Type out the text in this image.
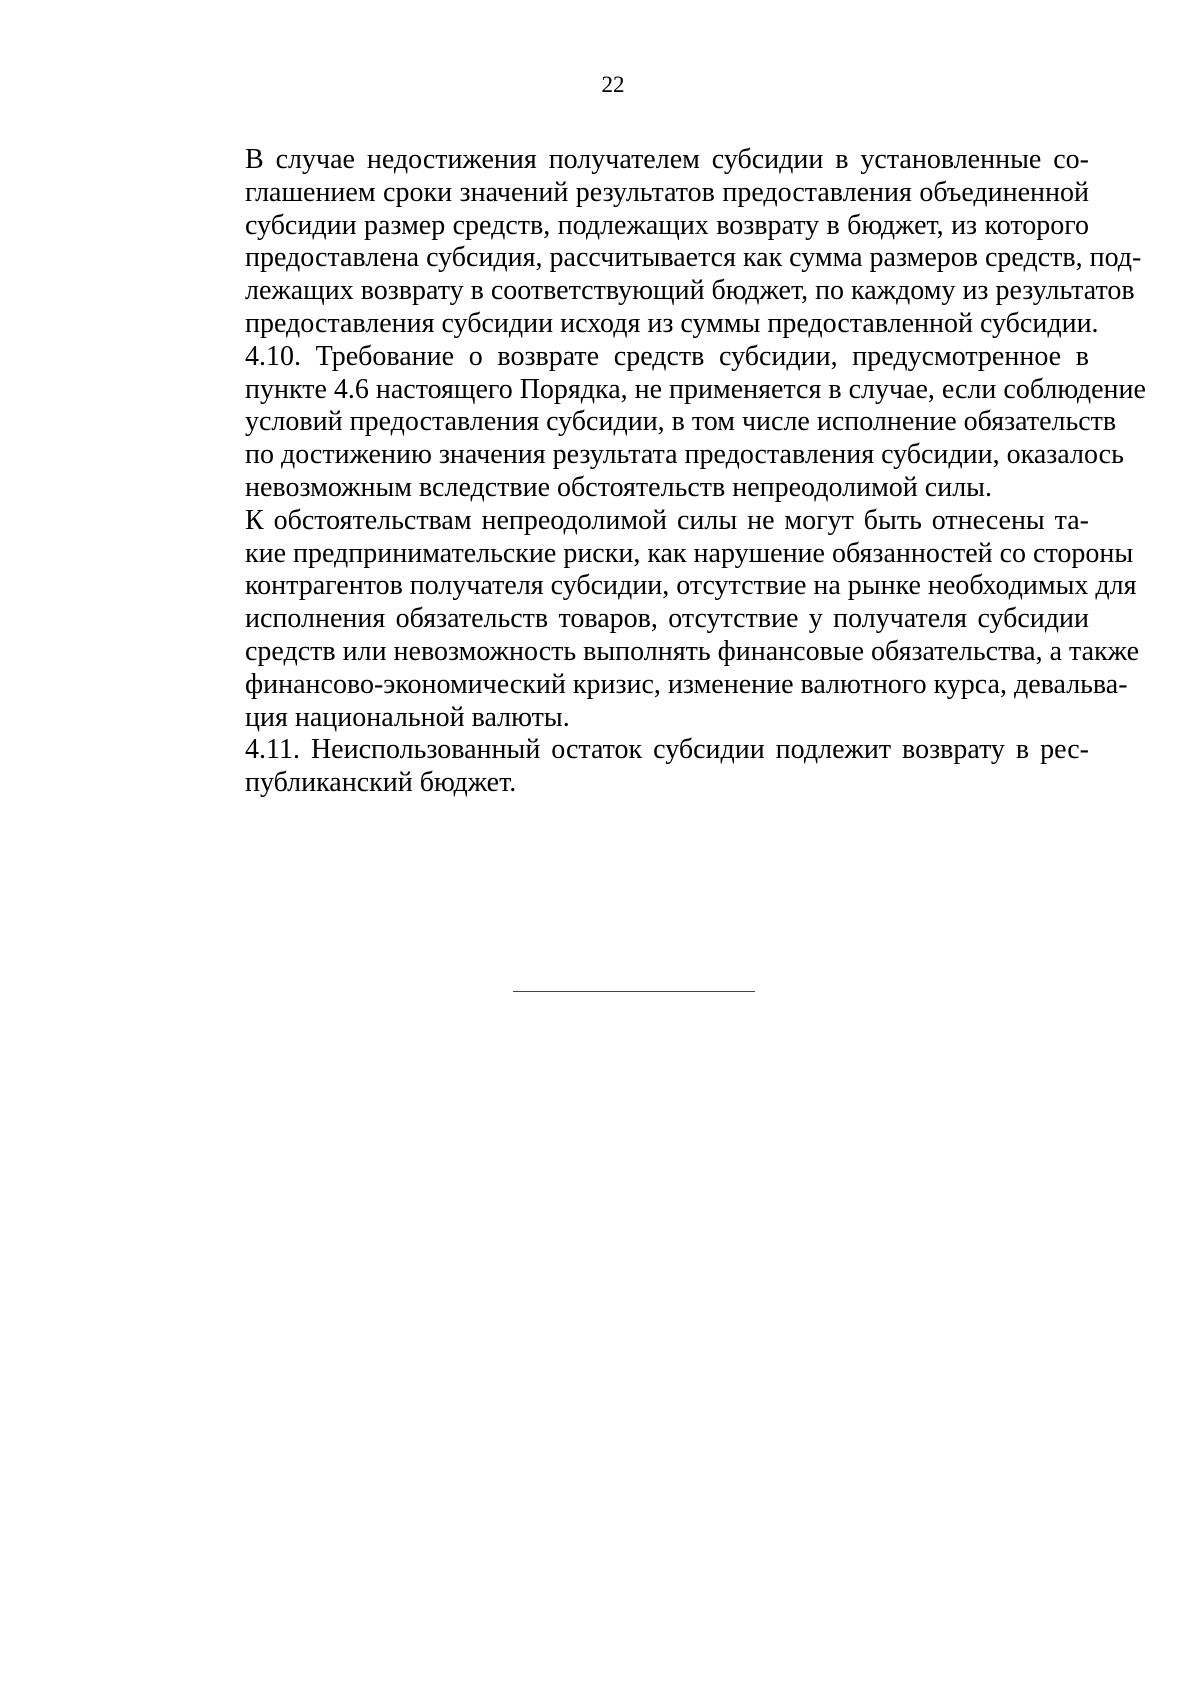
22

В случае недостижения получателем субсидии в установленные со-
глашением сроки значений результатов предоставления объединенной
субсидии размер средств, подлежащих возврату в бюджет, из которого
предоставлена субсидия, рассчитывается как сумма размеров средств, под-
лежащих возврату в соответствующий бюджет, по каждому из результатов
предоставления субсидии исходя из суммы предоставленной субсидии.

4.10. Требование о возврате средств субсидии, предусмотренное в
пункте 4.6 настоящего Порядка, не применяется в случае, если соблюдение
условий предоставления субсидии, в том числе исполнение обязательств
по достижению значения результата предоставления субсидии, оказалось
невозможным вследствие обстоятельств непреодолимой силы.

К обстоятельствам непреодолимой силы не могут быть отнесены та-
кие предпринимательские риски, как нарушение обязанностей со стороны
контрагентов получателя субсидии, отсутствие на рынке необходимых для
исполнения обязательств товаров, отсутствие у получателя субсидии
средств или невозможность выполнять финансовые обязательства, а также
финансово-экономический кризис, изменение валютного курса, девальва-
ция национальной валюты.

4.11. Неиспользованный остаток субсидии подлежит возврату в рес-
публиканский бюджет.
